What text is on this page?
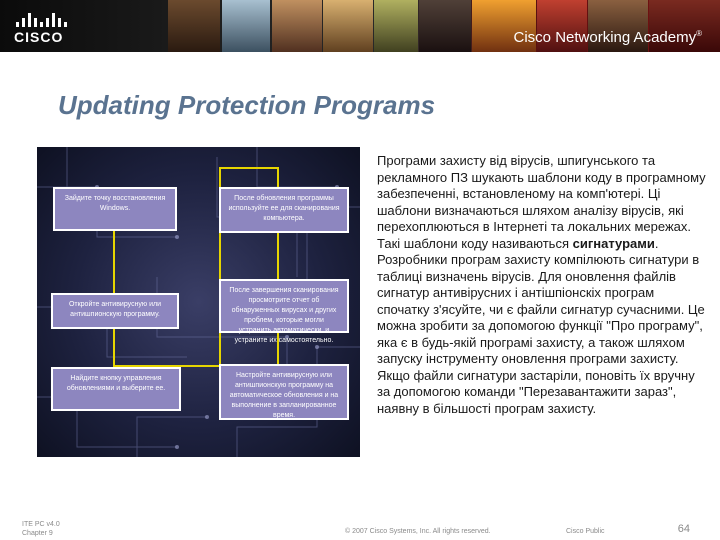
CISCO	Cisco Networking Academy®
Updating Protection Programs
Зайдите точку восстановления Windows.
После обновления программы используйте ее для сканирования компьютера.
Откройте антивирусную или антишпионскую программу.
После завершения сканирования просмотрите отчет об обнаруженных вирусах и других проблем, которые могли устранить автоматически, и устраните их самостоятельно.
Найдите кнопку управления обновлениями и выберите ее.
Настройте антивирусную или антишпионскую программу на автоматическое обновления и на выполнение в запланированное время.
Програми захисту від вірусів, шпигунського та рекламного ПЗ шукають шаблони коду в програмному забезпеченні, встановленому на комп'ютері. Ці шаблони визначаються шляхом аналізу вірусів, які перехоплюються в Інтернеті та локальних мережах. Такі шаблони коду називаються сигнатурами. Розробники програм захисту компілюють сигнатури в таблиці визначень вірусів. Для оновлення файлів сигнатур антивірусних і антішпіонскіх програм спочатку з'ясуйте, чи є файли сигнатур сучасними. Це можна зробити за допомогою функції "Про програму", яка є в будь-якій програмі захисту, а також шляхом запуску інструменту оновлення програми захисту. Якщо файли сигнатури застаріли, поновіть їх вручну за допомогою команди "Перезавантажити зараз", наявну в більшості програм захисту.
ITE PC v4.0
Chapter 9	© 2007 Cisco Systems, Inc. All rights reserved.	Cisco Public	64
